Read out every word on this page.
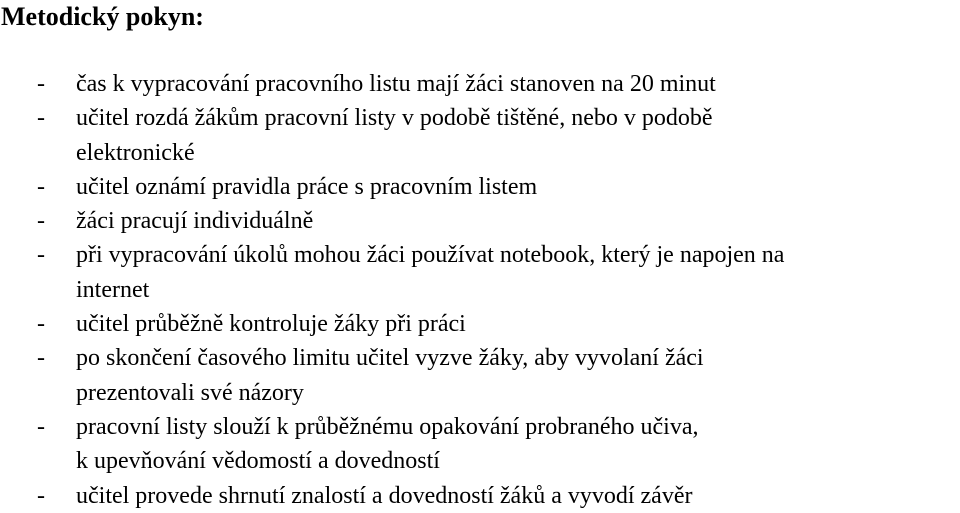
Metodický pokyn:
- čas k vypracování pracovního listu mají žáci stanoven na 20 minut
- učitel rozdá žákům pracovní listy v podobě tištěné, nebo v podobě
elektronické
- učitel oznámí pravidla práce s pracovním listem
- žáci pracují individuálně
- při vypracování úkolů mohou žáci používat notebook, který je napojen na
internet
- učitel průběžně kontroluje žáky při práci
- po skončení časového limitu učitel vyzve žáky, aby vyvolaní žáci
prezentovali své názory
- pracovní listy slouží k průběžnému opakování probraného učiva,
k upevňování vědomostí a dovedností
- učitel provede shrnutí znalostí a dovedností žáků a vyvodí závěr
